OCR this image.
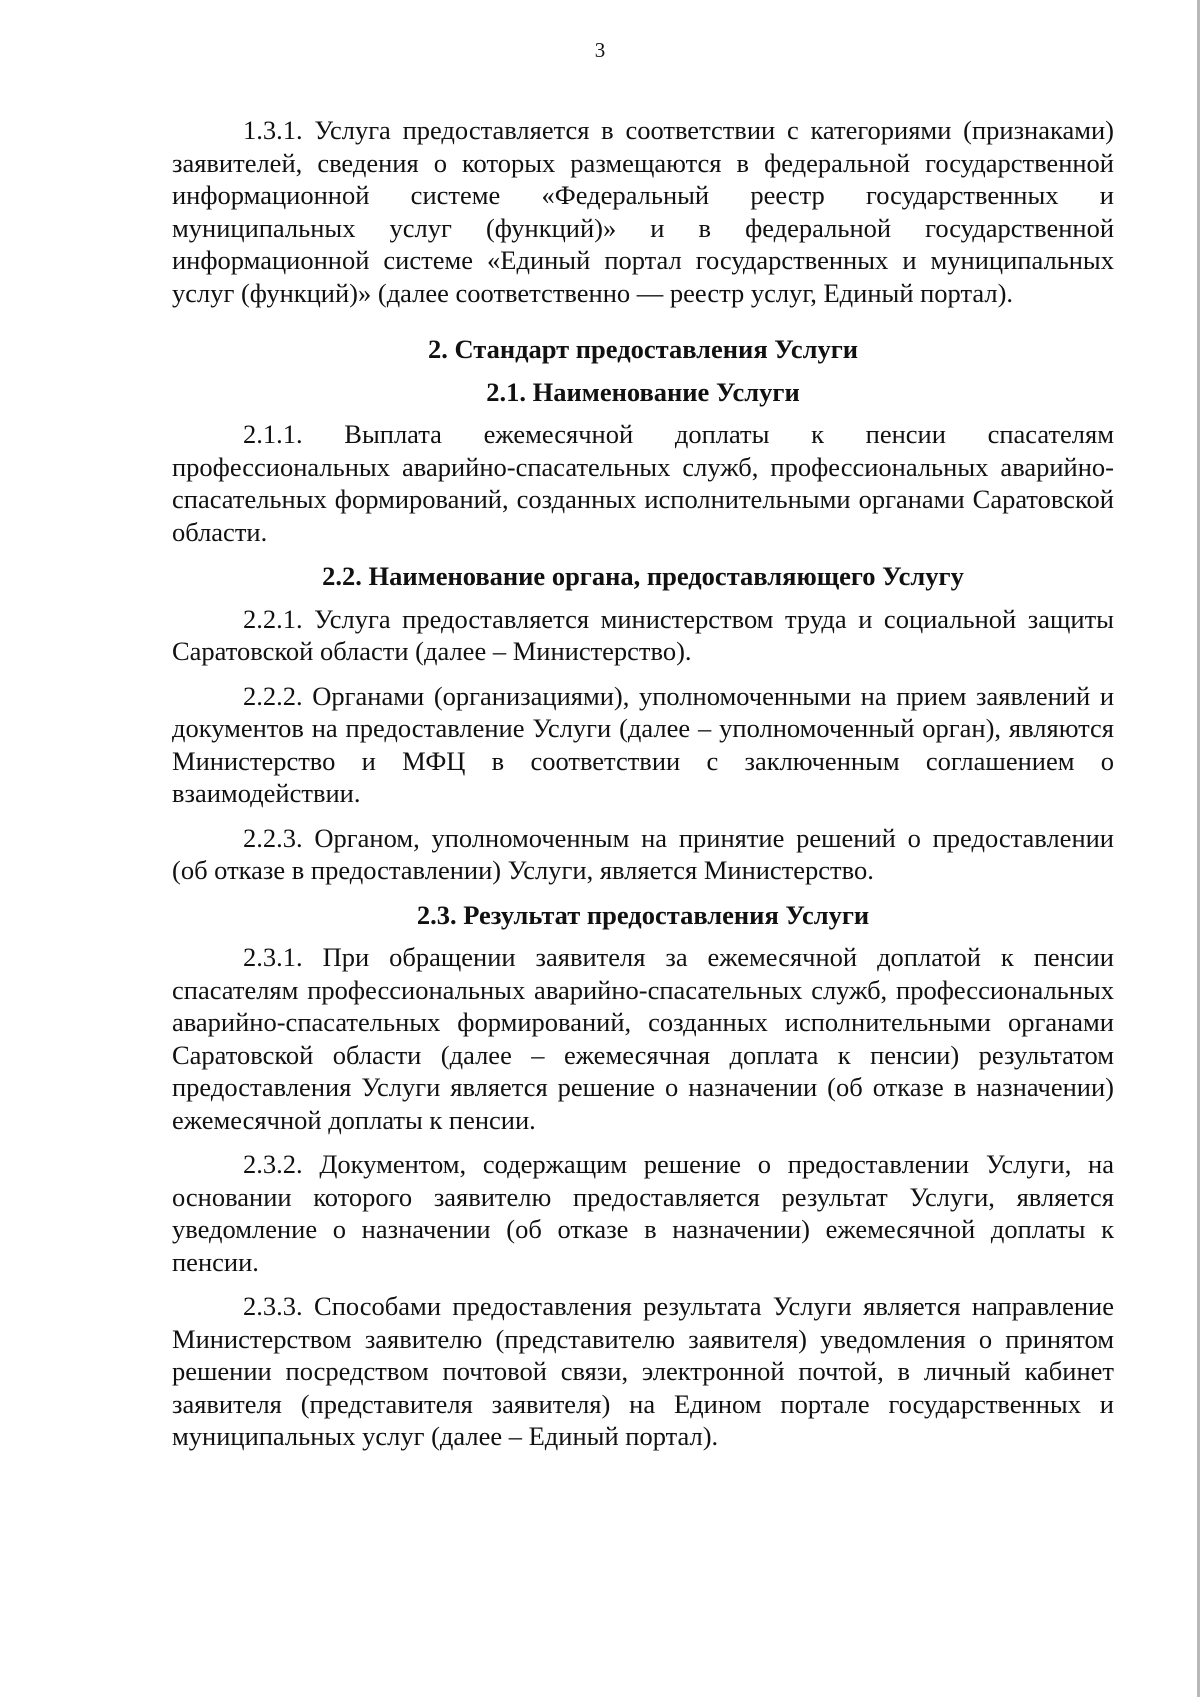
3

1.3.1. Услуга предоставляется в соответствии с категориями (признаками) заявителей, сведения о которых размещаются в федеральной государственной информационной системе «Федеральный реестр государственных и муниципальных услуг (функций)» и в федеральной государственной информационной системе «Единый портал государственных и муниципальных услуг (функций)» (далее соответственно — реестр услуг, Единый портал).

2. Стандарт предоставления Услуги
2.1. Наименование Услуги

2.1.1. Выплата ежемесячной доплаты к пенсии спасателям профессиональных аварийно-спасательных служб, профессиональных аварийно-спасательных формирований, созданных исполнительными органами Саратовской области.

2.2. Наименование органа, предоставляющего Услугу

2.2.1. Услуга предоставляется министерством труда и социальной защиты Саратовской области (далее – Министерство).

2.2.2. Органами (организациями), уполномоченными на прием заявлений и документов на предоставление Услуги (далее – уполномоченный орган), являются Министерство и МФЦ в соответствии с заключенным соглашением о взаимодействии.

2.2.3. Органом, уполномоченным на принятие решений о предоставлении (об отказе в предоставлении) Услуги, является Министерство.

2.3. Результат предоставления Услуги

2.3.1. При обращении заявителя за ежемесячной доплатой к пенсии спасателям профессиональных аварийно-спасательных служб, профессиональных аварийно-спасательных формирований, созданных исполнительными органами Саратовской области (далее – ежемесячная доплата к пенсии) результатом предоставления Услуги является решение о назначении (об отказе в назначении) ежемесячной доплаты к пенсии.

2.3.2. Документом, содержащим решение о предоставлении Услуги, на основании которого заявителю предоставляется результат Услуги, является уведомление о назначении (об отказе в назначении) ежемесячной доплаты к пенсии.

2.3.3. Способами предоставления результата Услуги является направление Министерством заявителю (представителю заявителя) уведомления о принятом решении посредством почтовой связи, электронной почтой, в личный кабинет заявителя (представителя заявителя) на Едином портале государственных и муниципальных услуг (далее – Единый портал).
